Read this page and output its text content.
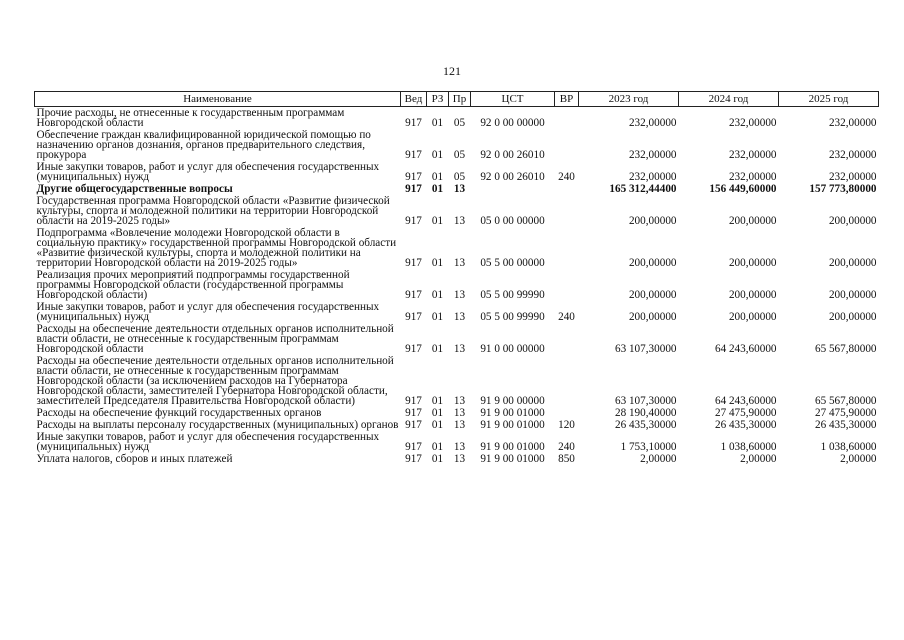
121
Наименование	Вед	РЗ	Пр	ЦСТ	ВР	2023 год	2024 год	2025 год
Прочие расходы, не отнесенные к государственным программам Новгородской области	917	01	05	92 0 00 00000		232,00000	232,00000	232,00000
Обеспечение граждан квалифицированной юридической помощью по назначению органов дознания, органов предварительного следствия, прокурора	917	01	05	92 0 00 26010		232,00000	232,00000	232,00000
Иные закупки товаров, работ и услуг для обеспечения государственных (муниципальных) нужд	917	01	05	92 0 00 26010	240	232,00000	232,00000	232,00000
Другие общегосударственные вопросы	917	01	13			165 312,44400	156 449,60000	157 773,80000
Государственная программа Новгородской области «Развитие физической культуры, спорта и молодежной политики на территории Новгородской области на 2019-2025 годы»	917	01	13	05 0 00 00000		200,00000	200,00000	200,00000
Подпрограмма «Вовлечение молодежи Новгородской области в социальную практику» государственной программы Новгородской области «Развитие физической культуры, спорта и молодежной политики на территории Новгородской области на 2019-2025 годы»	917	01	13	05 5 00 00000		200,00000	200,00000	200,00000
Реализация прочих мероприятий подпрограммы государственной программы Новгородской области (государственной программы Новгородской области)	917	01	13	05 5 00 99990		200,00000	200,00000	200,00000
Иные закупки товаров, работ и услуг для обеспечения государственных (муниципальных) нужд	917	01	13	05 5 00 99990	240	200,00000	200,00000	200,00000
Расходы на обеспечение деятельности отдельных органов исполнительной власти области, не отнесенные к государственным программам Новгородской области	917	01	13	91 0 00 00000		63 107,30000	64 243,60000	65 567,80000
Расходы на обеспечение деятельности отдельных органов исполнительной власти области, не отнесенные к государственным программам Новгородской области (за исключением расходов на Губернатора Новгородской области, заместителей Губернатора Новгородской области, заместителей Председателя Правительства Новгородской области)	917	01	13	91 9 00 00000		63 107,30000	64 243,60000	65 567,80000
Расходы на обеспечение функций государственных органов	917	01	13	91 9 00 01000		28 190,40000	27 475,90000	27 475,90000
Расходы на выплаты персоналу государственных (муниципальных) органов	917	01	13	91 9 00 01000	120	26 435,30000	26 435,30000	26 435,30000
Иные закупки товаров, работ и услуг для обеспечения государственных (муниципальных) нужд	917	01	13	91 9 00 01000	240	1 753,10000	1 038,60000	1 038,60000
Уплата налогов, сборов и иных платежей	917	01	13	91 9 00 01000	850	2,00000	2,00000	2,00000
